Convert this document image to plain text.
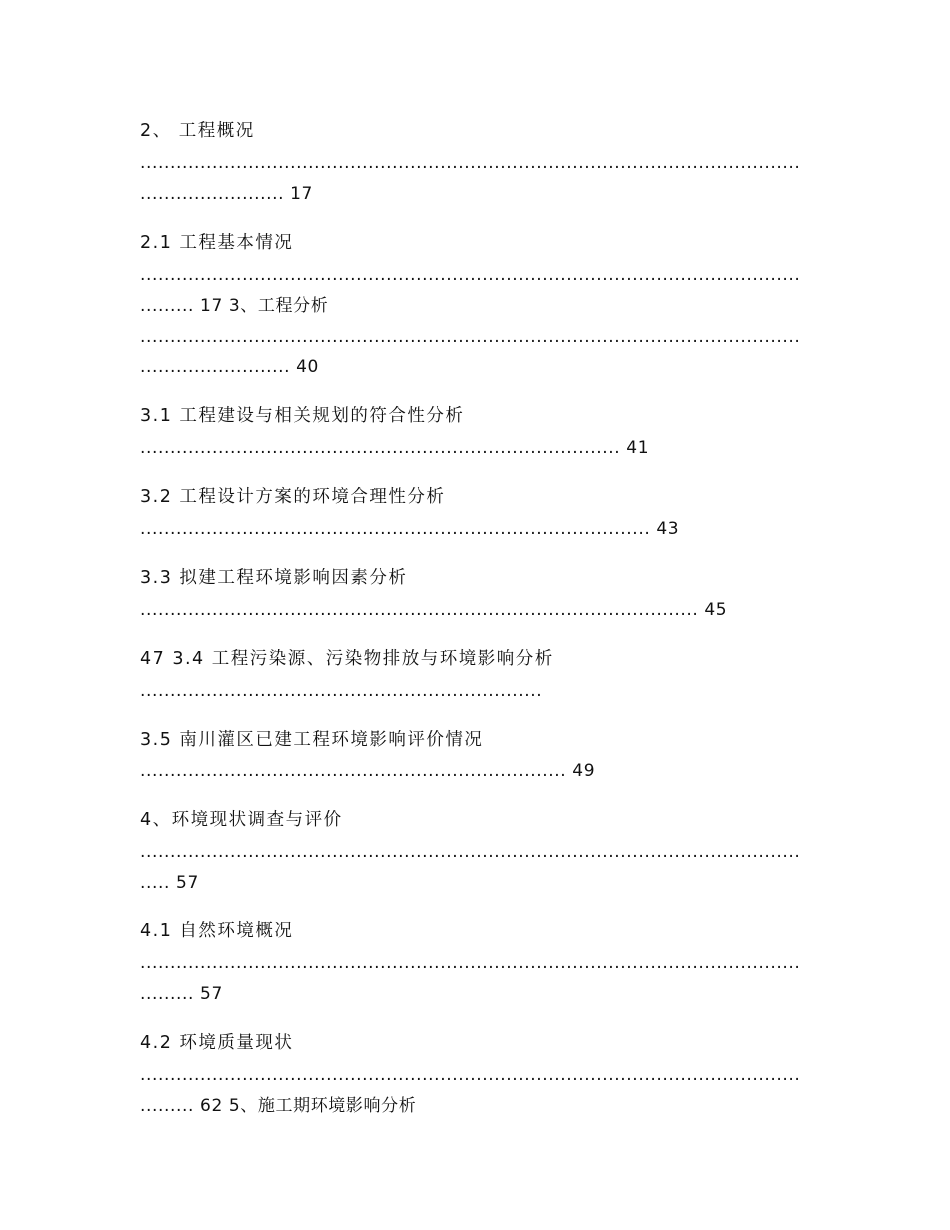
2、 工程概况
..............................................................................................................
........................ 17
2.1 工程基本情况
..............................................................................................................
......... 17 3、工程分析
..............................................................................................................
......................... 40
3.1 工程建设与相关规划的符合性分析
................................................................................ 41
3.2 工程设计方案的环境合理性分析
..................................................................................... 43
3.3 拟建工程环境影响因素分析
............................................................................................. 45
47 3.4 工程污染源、污染物排放与环境影响分析
...................................................................
3.5 南川灌区已建工程环境影响评价情况
....................................................................... 49
4、环境现状调查与评价
..............................................................................................................
..... 57
4.1 自然环境概况
..............................................................................................................
......... 57
4.2 环境质量现状
..............................................................................................................
......... 62 5、施工期环境影响分析
